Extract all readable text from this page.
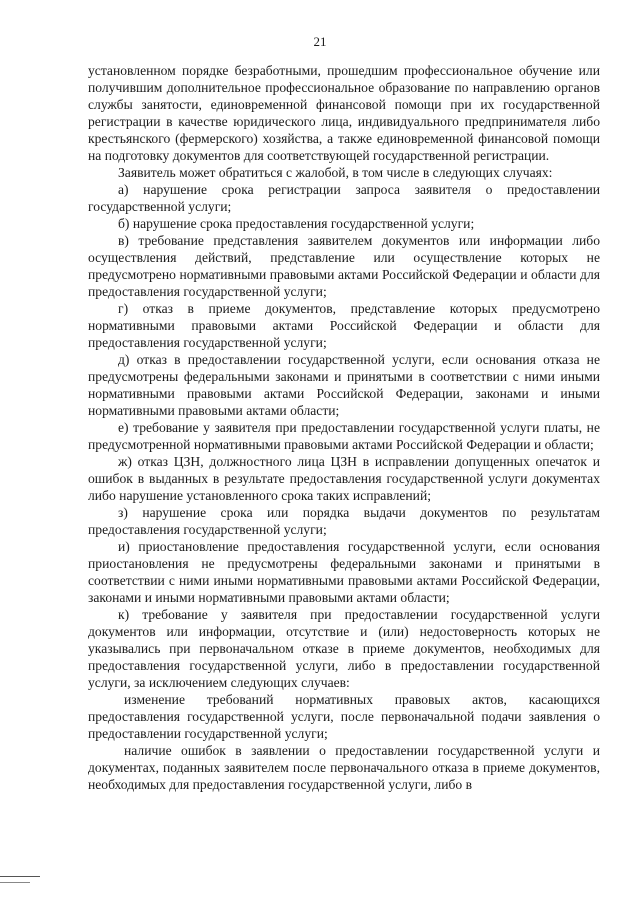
21

установленном порядке безработными, прошедшим профессиональное обучение или получившим дополнительное профессиональное образование по направлению органов службы занятости, единовременной финансовой помощи при их государственной регистрации в качестве юридического лица, индивидуального предпринимателя либо крестьянского (фермерского) хозяйства, а также единовременной финансовой помощи на подготовку документов для соответствующей государственной регистрации.

Заявитель может обратиться с жалобой, в том числе в следующих случаях:

а) нарушение срока регистрации запроса заявителя о предоставлении государственной услуги;

б) нарушение срока предоставления государственной услуги;

в) требование представления заявителем документов или информации либо осуществления действий, представление или осуществление которых не предусмотрено нормативными правовыми актами Российской Федерации и области для предоставления государственной услуги;

г) отказ в приеме документов, представление которых предусмотрено нормативными правовыми актами Российской Федерации и области для предоставления государственной услуги;

д) отказ в предоставлении государственной услуги, если основания отказа не предусмотрены федеральными законами и принятыми в соответствии с ними иными нормативными правовыми актами Российской Федерации, законами и иными нормативными правовыми актами области;

е) требование у заявителя при предоставлении государственной услуги платы, не предусмотренной нормативными правовыми актами Российской Федерации и области;

ж) отказ ЦЗН, должностного лица ЦЗН в исправлении допущенных опечаток и ошибок в выданных в результате предоставления государственной услуги документах либо нарушение установленного срока таких исправлений;

з) нарушение срока или порядка выдачи документов по результатам предоставления государственной услуги;

и) приостановление предоставления государственной услуги, если основания приостановления не предусмотрены федеральными законами и принятыми в соответствии с ними иными нормативными правовыми актами Российской Федерации, законами и иными нормативными правовыми актами области;

к) требование у заявителя при предоставлении государственной услуги документов или информации, отсутствие и (или) недостоверность которых не указывались при первоначальном отказе в приеме документов, необходимых для предоставления государственной услуги, либо в предоставлении государственной услуги, за исключением следующих случаев:

изменение требований нормативных правовых актов, касающихся предоставления государственной услуги, после первоначальной подачи заявления о предоставлении государственной услуги;

наличие ошибок в заявлении о предоставлении государственной услуги и документах, поданных заявителем после первоначального отказа в приеме документов, необходимых для предоставления государственной услуги, либо в
